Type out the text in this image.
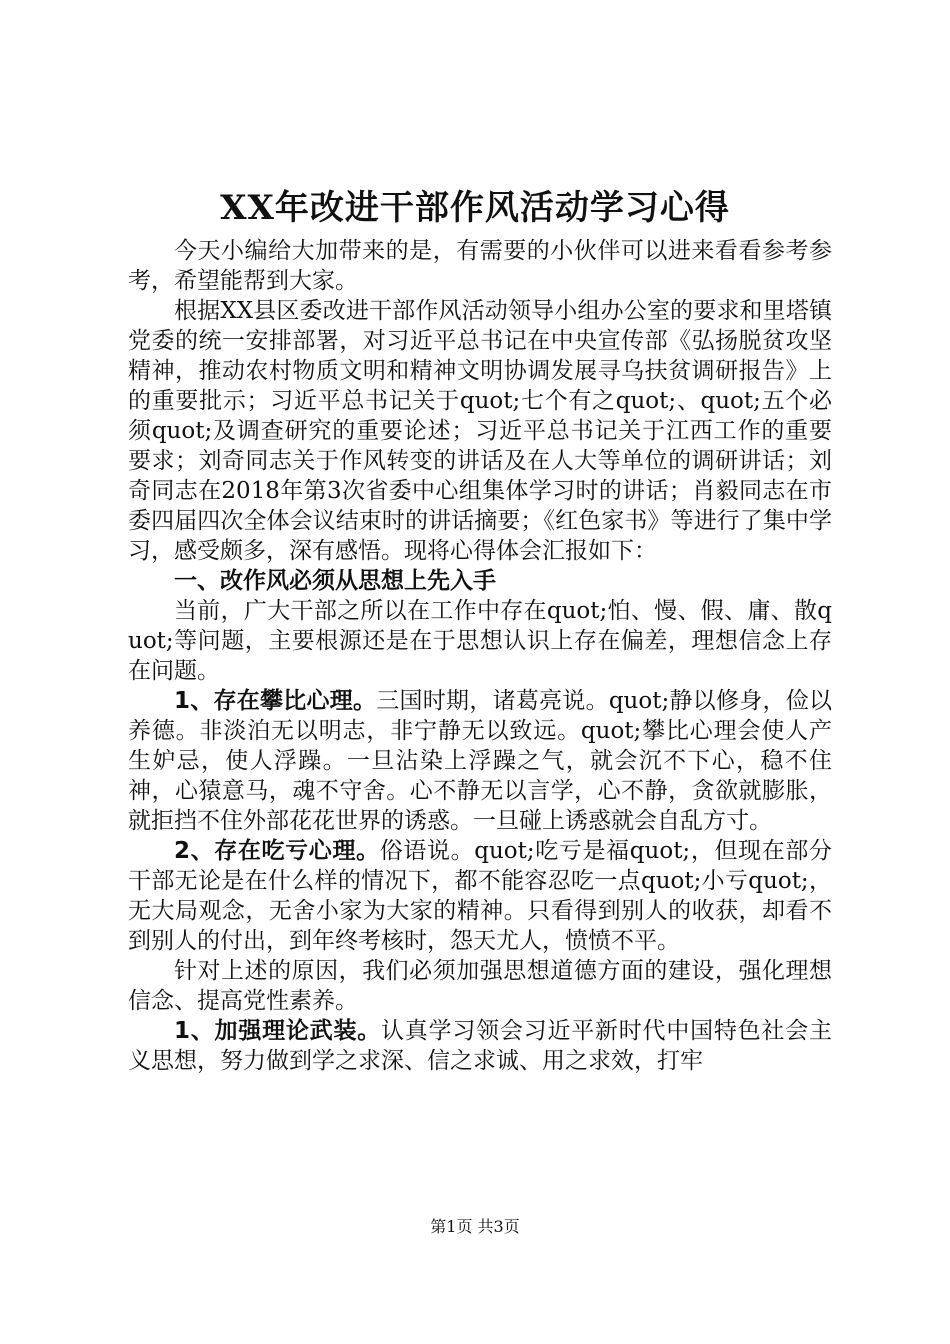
XX年改进干部作风活动学习心得

今天小编给大加带来的是，有需要的小伙伴可以进来看看参考参考，希望能帮到大家。

根据XX县区委改进干部作风活动领导小组办公室的要求和里塔镇党委的统一安排部署，对习近平总书记在中央宣传部《弘扬脱贫攻坚精神，推动农村物质文明和精神文明协调发展寻乌扶贫调研报告》上的重要批示；习近平总书记关于quot;七个有之quot;、quot;五个必须quot;及调查研究的重要论述；习近平总书记关于江西工作的重要要求；刘奇同志关于作风转变的讲话及在人大等单位的调研讲话；刘奇同志在2018年第3次省委中心组集体学习时的讲话；肖毅同志在市委四届四次全体会议结束时的讲话摘要；《红色家书》等进行了集中学习，感受颇多，深有感悟。现将心得体会汇报如下：

一、改作风必须从思想上先入手

当前，广大干部之所以在工作中存在quot;怕、慢、假、庸、散quot;等问题，主要根源还是在于思想认识上存在偏差，理想信念上存在问题。

1、存在攀比心理。三国时期，诸葛亮说。quot;静以修身，俭以养德。非淡泊无以明志，非宁静无以致远。quot;攀比心理会使人产生妒忌，使人浮躁。一旦沾染上浮躁之气，就会沉不下心，稳不住神，心猿意马，魂不守舍。心不静无以言学，心不静，贪欲就膨胀，就拒挡不住外部花花世界的诱惑。一旦碰上诱惑就会自乱方寸。

2、存在吃亏心理。俗语说。quot;吃亏是福quot;，但现在部分干部无论是在什么样的情况下，都不能容忍吃一点quot;小亏quot;，无大局观念，无舍小家为大家的精神。只看得到别人的收获，却看不到别人的付出，到年终考核时，怨天尤人，愤愤不平。

针对上述的原因，我们必须加强思想道德方面的建设，强化理想信念、提高党性素养。

1、加强理论武装。认真学习领会习近平新时代中国特色社会主义思想，努力做到学之求深、信之求诚、用之求效，打牢

第1页 共3页
